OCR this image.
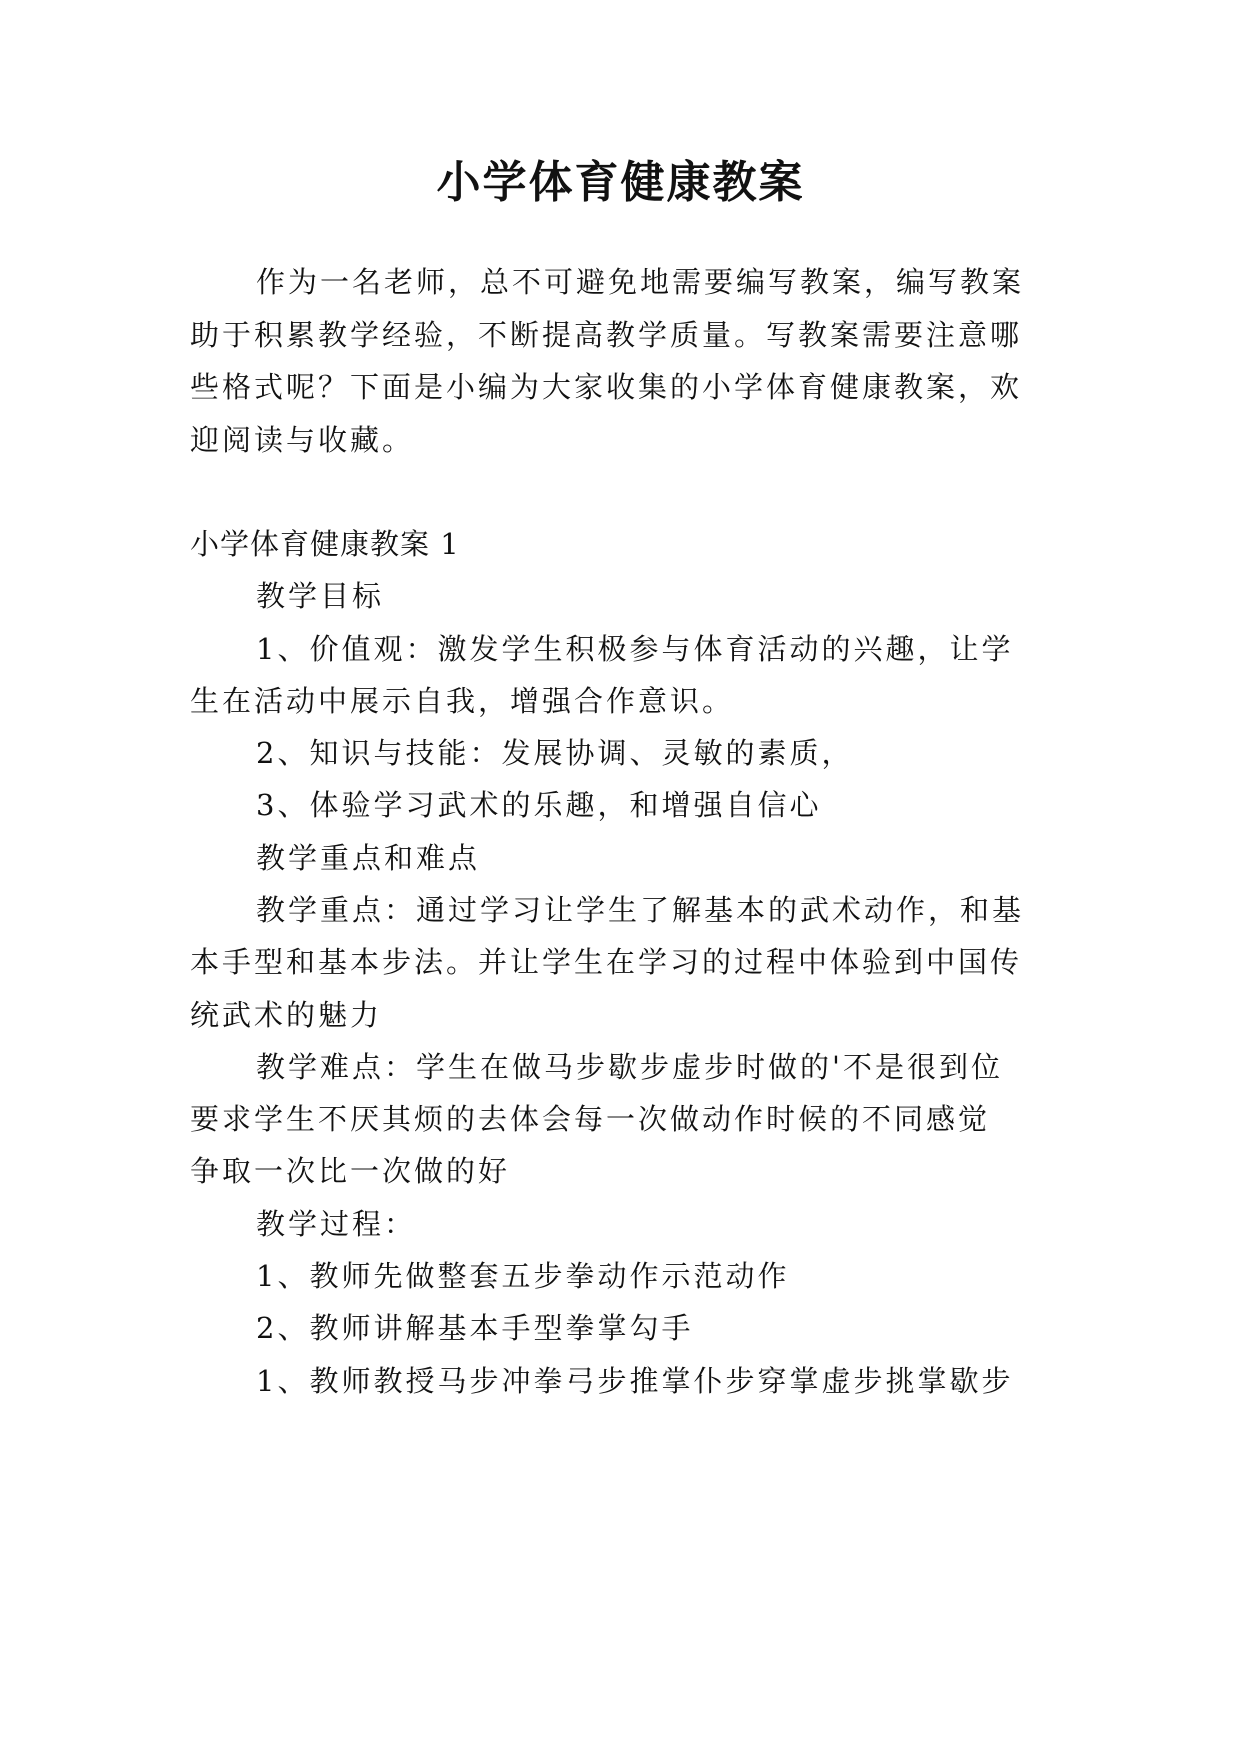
小学体育健康教案
作为一名老师，总不可避免地需要编写教案，编写教案
助于积累教学经验，不断提高教学质量。写教案需要注意哪
些格式呢？下面是小编为大家收集的小学体育健康教案，欢
迎阅读与收藏。
小学体育健康教案 1
教学目标
1、价值观：激发学生积极参与体育活动的兴趣，让学
生在活动中展示自我，增强合作意识。
2、知识与技能：发展协调、灵敏的素质，
3、体验学习武术的乐趣，和增强自信心
教学重点和难点
教学重点：通过学习让学生了解基本的武术动作，和基
本手型和基本步法。并让学生在学习的过程中体验到中国传
统武术的魅力
教学难点：学生在做马步歇步虚步时做的'不是很到位
要求学生不厌其烦的去体会每一次做动作时候的不同感觉
争取一次比一次做的好
教学过程：
1、教师先做整套五步拳动作示范动作
2、教师讲解基本手型拳掌勾手
1、教师教授马步冲拳弓步推掌仆步穿掌虚步挑掌歇步
